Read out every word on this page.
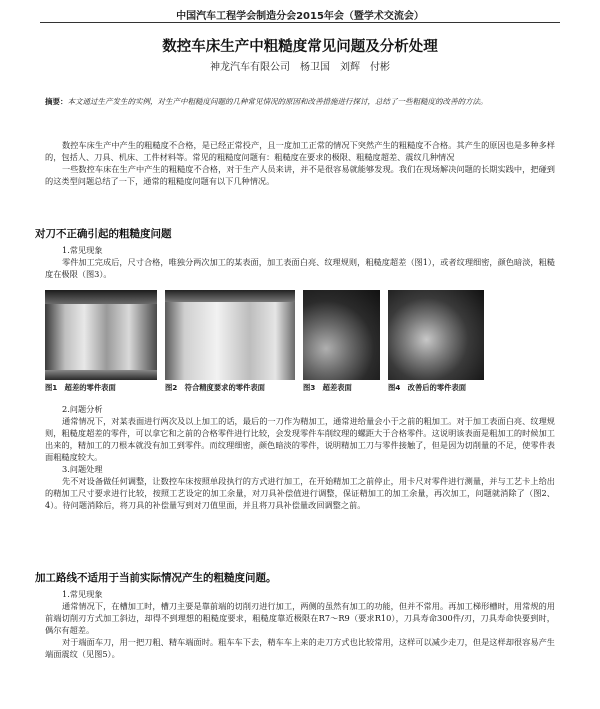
中国汽车工程学会制造分会2015年会（暨学术交流会）
数控车床生产中粗糙度常见问题及分析处理
神龙汽车有限公司　杨卫国　刘辉　付彬
摘要：本文通过生产发生的实例，对生产中粗糙度问题的几种常见情况的原因和改善措施进行探讨，总结了一些粗糙度的改善的方法。

数控车床生产中产生的粗糙度不合格，是已经正常投产，且一度加工正常的情况下突然产生的粗糙度不合格。其产生的原因也是多种多样的，包括人、刀具、机床、工件材料等。常见的粗糙度问题有：粗糙度在要求的极限、粗糙度超差、震纹几种情况

一些数控车床在生产中产生的粗糙度不合格，对于生产人员来讲，并不是很容易就能够发现。我们在现场解决问题的长期实践中，把碰到的这类型问题总结了一下，通常的粗糙度问题有以下几种情况。

对刀不正确引起的粗糙度问题

1.常见现象

零件加工完成后，尺寸合格，唯独分两次加工的某表面，加工表面白亮、纹理规则，粗糙度超差（图1），或者纹理细密，颜色暗淡，粗糙度在极限（图3）。

图1　超差的零件表面	图2　符合精度要求的零件表面	图3　超差表面	图4　改善后的零件表面

2.问题分析

通常情况下，对某表面进行两次及以上加工的话，最后的一刀作为精加工，通常进给量会小于之前的粗加工。对于加工表面白亮、纹理规则，粗糙度超差的零件，可以拿它和之前的合格零件进行比较，会发现零件车削纹理的螺距大于合格零件。这说明该表面是粗加工的时候加工出来的，精加工的刀根本就没有加工到零件。而纹理细密，颜色暗淡的零件，说明精加工刀与零件接触了，但是因为切削量的不足，使零件表面粗糙度较大。

3.问题处理

先不对设备做任何调整，让数控车床按照单段执行的方式进行加工，在开始精加工之前停止，用卡尺对零件进行测量，并与工艺卡上给出的精加工尺寸要求进行比较，按照工艺设定的加工余量，对刀具补偿值进行调整，保证精加工的加工余量，再次加工，问题就消除了（图2、4）。待问题消除后，将刀具的补偿量写到对刀值里面，并且将刀具补偿量改回调整之前。

加工路线不适用于当前实际情况产生的粗糙度问题。

1.常见现象

通常情况下，在槽加工时，槽刀主要是靠前端的切削刃进行加工，两侧的虽然有加工的功能，但并不常用。再加工梯形槽时，用常规的用前端切削刃方式加工斜边，却得不到理想的粗糙度要求，粗糙度靠近极限在R7～R9（要求R10），刀具寿命300件/刃，刀具寿命快要到时，偶尔有超差。

对于端面车刀，用一把刀粗、精车端面时。粗车车下去，精车车上来的走刀方式也比较常用，这样可以减少走刀，但是这样却很容易产生端面震纹（见图5）。
